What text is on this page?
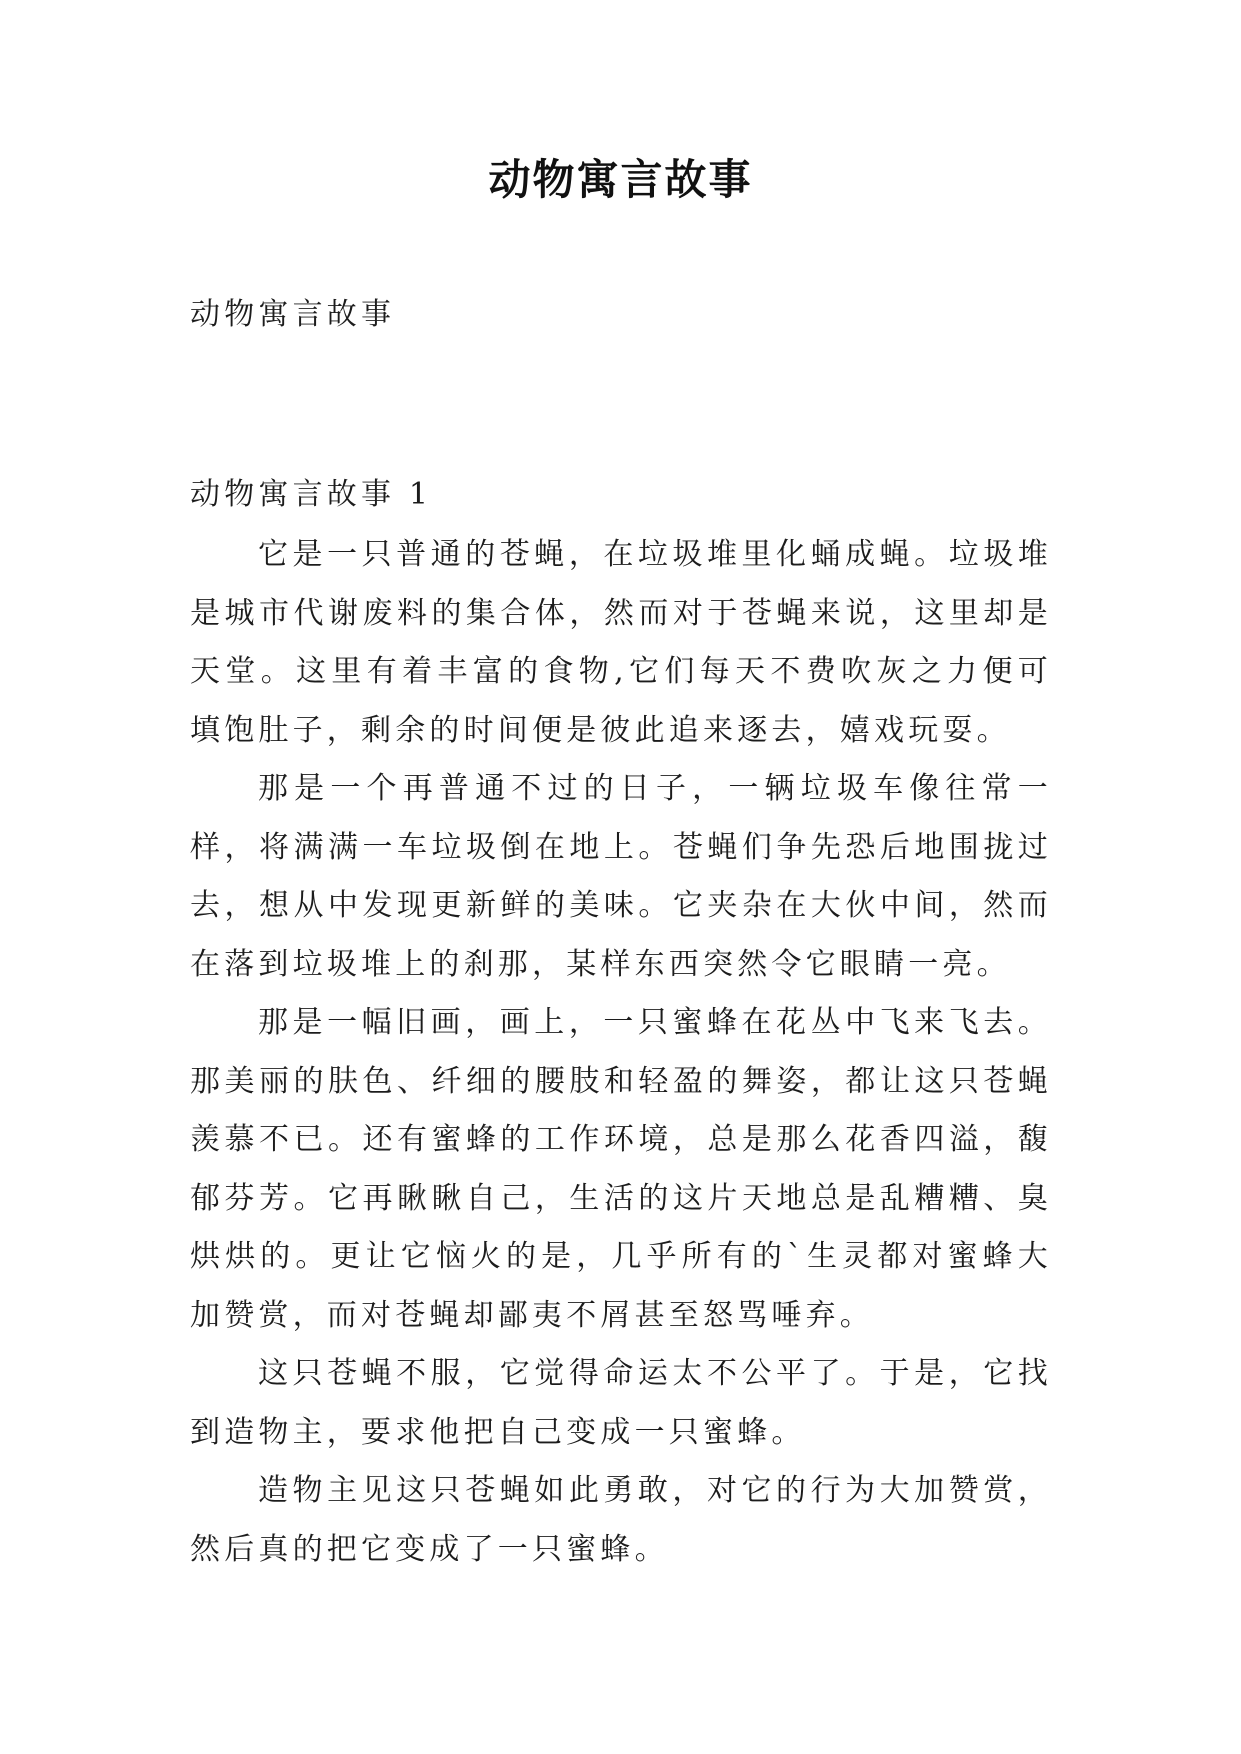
动物寓言故事
动物寓言故事
动物寓言故事 1

它是一只普通的苍蝇，在垃圾堆里化蛹成蝇。垃圾堆是城市代谢废料的集合体，然而对于苍蝇来说，这里却是天堂。这里有着丰富的食物,它们每天不费吹灰之力便可填饱肚子，剩余的时间便是彼此追来逐去，嬉戏玩耍。

那是一个再普通不过的日子，一辆垃圾车像往常一样，将满满一车垃圾倒在地上。苍蝇们争先恐后地围拢过去，想从中发现更新鲜的美味。它夹杂在大伙中间，然而在落到垃圾堆上的刹那，某样东西突然令它眼睛一亮。

那是一幅旧画，画上，一只蜜蜂在花丛中飞来飞去。那美丽的肤色、纤细的腰肢和轻盈的舞姿，都让这只苍蝇羡慕不已。还有蜜蜂的工作环境，总是那么花香四溢，馥郁芬芳。它再瞅瞅自己，生活的这片天地总是乱糟糟、臭烘烘的。更让它恼火的是，几乎所有的`生灵都对蜜蜂大加赞赏，而对苍蝇却鄙夷不屑甚至怒骂唾弃。

这只苍蝇不服，它觉得命运太不公平了。于是，它找到造物主，要求他把自己变成一只蜜蜂。

造物主见这只苍蝇如此勇敢，对它的行为大加赞赏，然后真的把它变成了一只蜜蜂。
